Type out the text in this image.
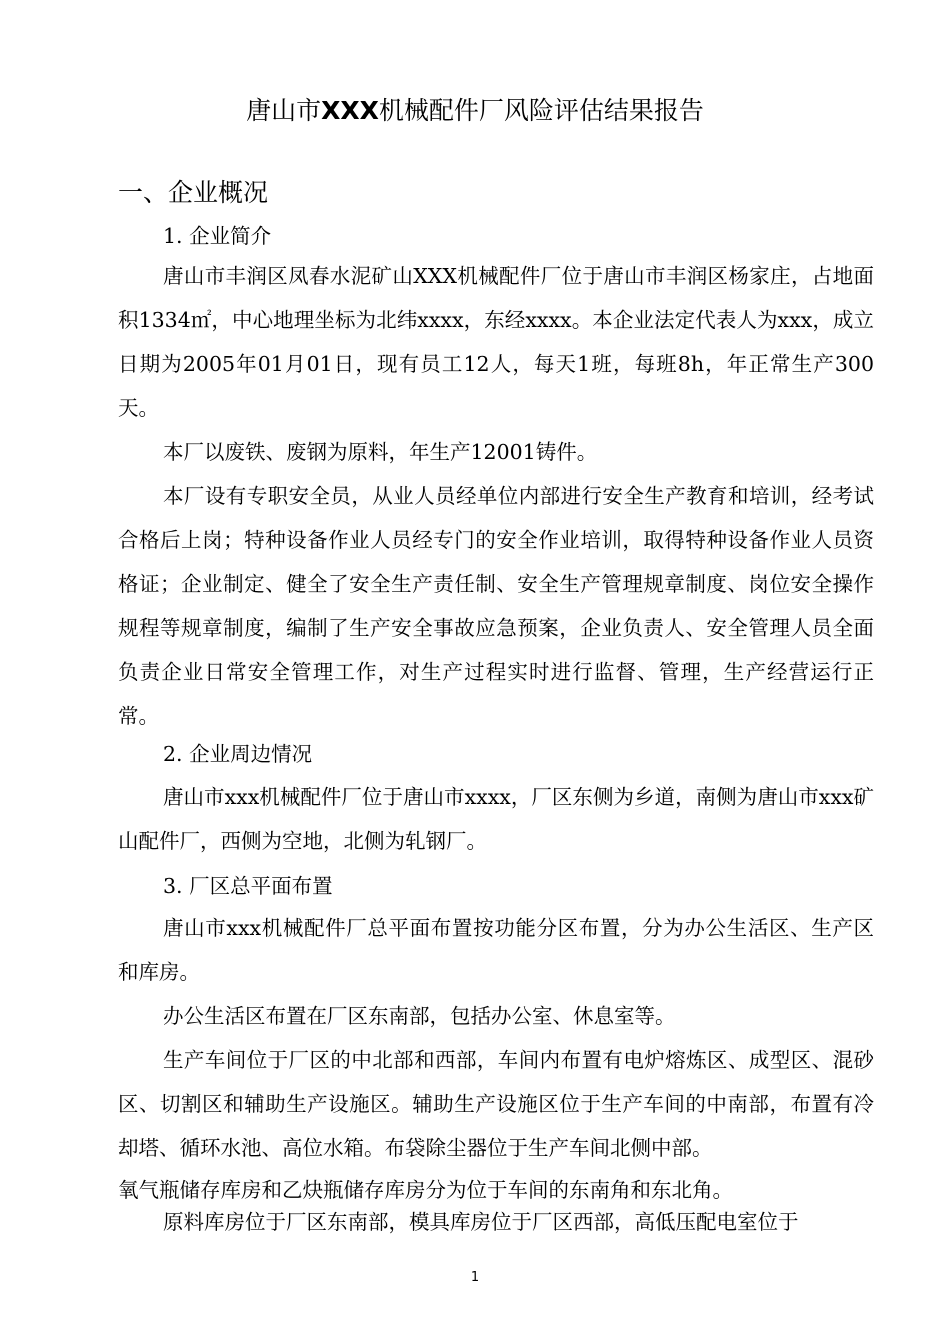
唐山市XXX机械配件厂风险评估结果报告
一、企业概况
1. 企业简介

唐山市丰润区凤春水泥矿山XXX机械配件厂位于唐山市丰润区杨家庄，占地面积1334㎡，中心地理坐标为北纬xxxx，东经xxxx。本企业法定代表人为xxx，成立日期为2005年01月01日，现有员工12人，每天1班，每班8h，年正常生产300天。

本厂以废铁、废钢为原料，年生产12001铸件。

本厂设有专职安全员，从业人员经单位内部进行安全生产教育和培训，经考试合格后上岗；特种设备作业人员经专门的安全作业培训，取得特种设备作业人员资格证；企业制定、健全了安全生产责任制、安全生产管理规章制度、岗位安全操作规程等规章制度，编制了生产安全事故应急预案，企业负责人、安全管理人员全面负责企业日常安全管理工作，对生产过程实时进行监督、管理，生产经营运行正常。

2. 企业周边情况

唐山市xxx机械配件厂位于唐山市xxxx，厂区东侧为乡道，南侧为唐山市xxx矿山配件厂，西侧为空地，北侧为轧钢厂。

3. 厂区总平面布置

唐山市xxx机械配件厂总平面布置按功能分区布置，分为办公生活区、生产区和库房。

办公生活区布置在厂区东南部，包括办公室、休息室等。

生产车间位于厂区的中北部和西部，车间内布置有电炉熔炼区、成型区、混砂区、切割区和辅助生产设施区。辅助生产设施区位于生产车间的中南部，布置有冷却塔、循环水池、高位水箱。布袋除尘器位于生产车间北侧中部。

氧气瓶储存库房和乙炔瓶储存库房分为位于车间的东南角和东北角。

原料库房位于厂区东南部，模具库房位于厂区西部，高低压配电室位于

1
